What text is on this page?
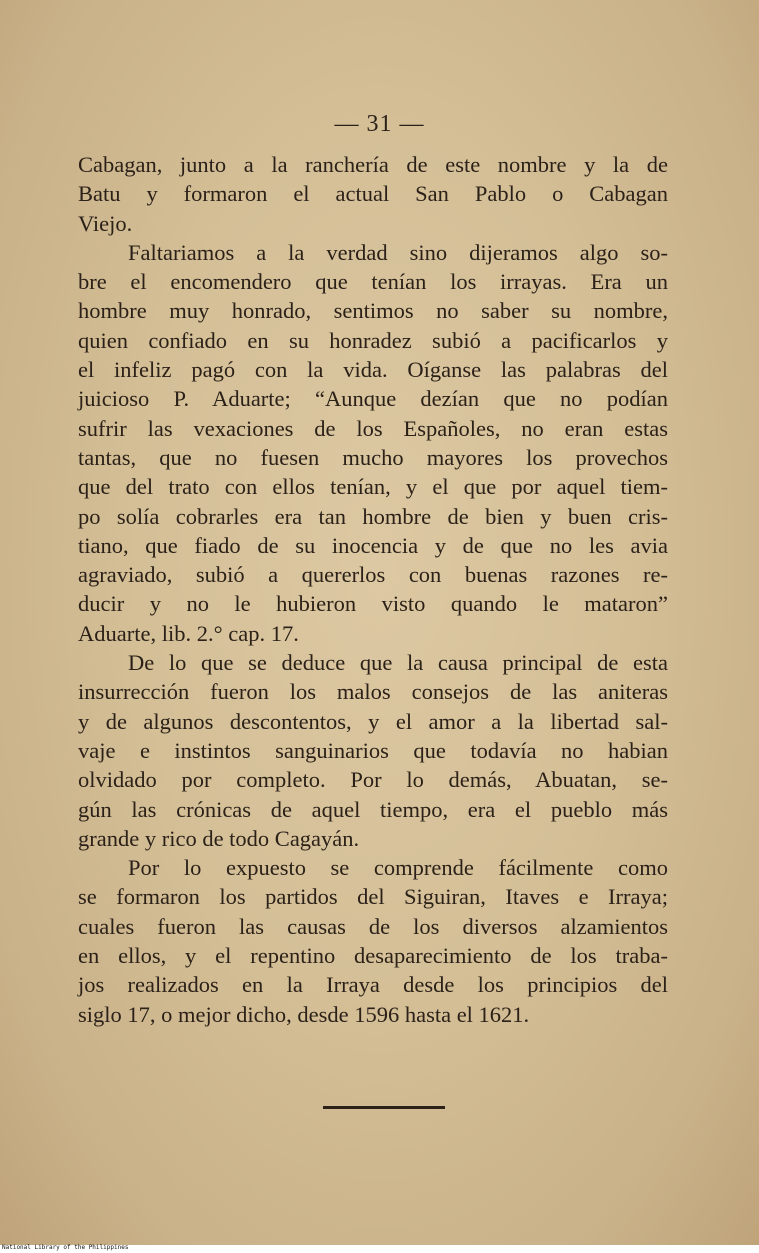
— 31 —
Cabagan, junto a la ranchería de este nombre y la de
Batu y formaron el actual San Pablo o Cabagan
Viejo.
Faltariamos a la verdad sino dijeramos algo so-
bre el encomendero que tenían los irrayas. Era un
hombre muy honrado, sentimos no saber su nombre,
quien confiado en su honradez subió a pacificarlos y
el infeliz pagó con la vida. Oíganse las palabras del
juicioso P. Aduarte; “Aunque dezían que no podían
sufrir las vexaciones de los Españoles, no eran estas
tantas, que no fuesen mucho mayores los provechos
que del trato con ellos tenían, y el que por aquel tiem-
po solía cobrarles era tan hombre de bien y buen cris-
tiano, que fiado de su inocencia y de que no les avia
agraviado, subió a quererlos con buenas razones re-
ducir y no le hubieron visto quando le mataron”
Aduarte, lib. 2.° cap. 17.
De lo que se deduce que la causa principal de esta
insurrección fueron los malos consejos de las aniteras
y de algunos descontentos, y el amor a la libertad sal-
vaje e instintos sanguinarios que todavía no habian
olvidado por completo. Por lo demás, Abuatan, se-
gún las crónicas de aquel tiempo, era el pueblo más
grande y rico de todo Cagayán.
Por lo expuesto se comprende fácilmente como
se formaron los partidos del Siguiran, Itaves e Irraya;
cuales fueron las causas de los diversos alzamientos
en ellos, y el repentino desaparecimiento de los traba-
jos realizados en la Irraya desde los principios del
siglo 17, o mejor dicho, desde 1596 hasta el 1621.
National Library of the Philippines
